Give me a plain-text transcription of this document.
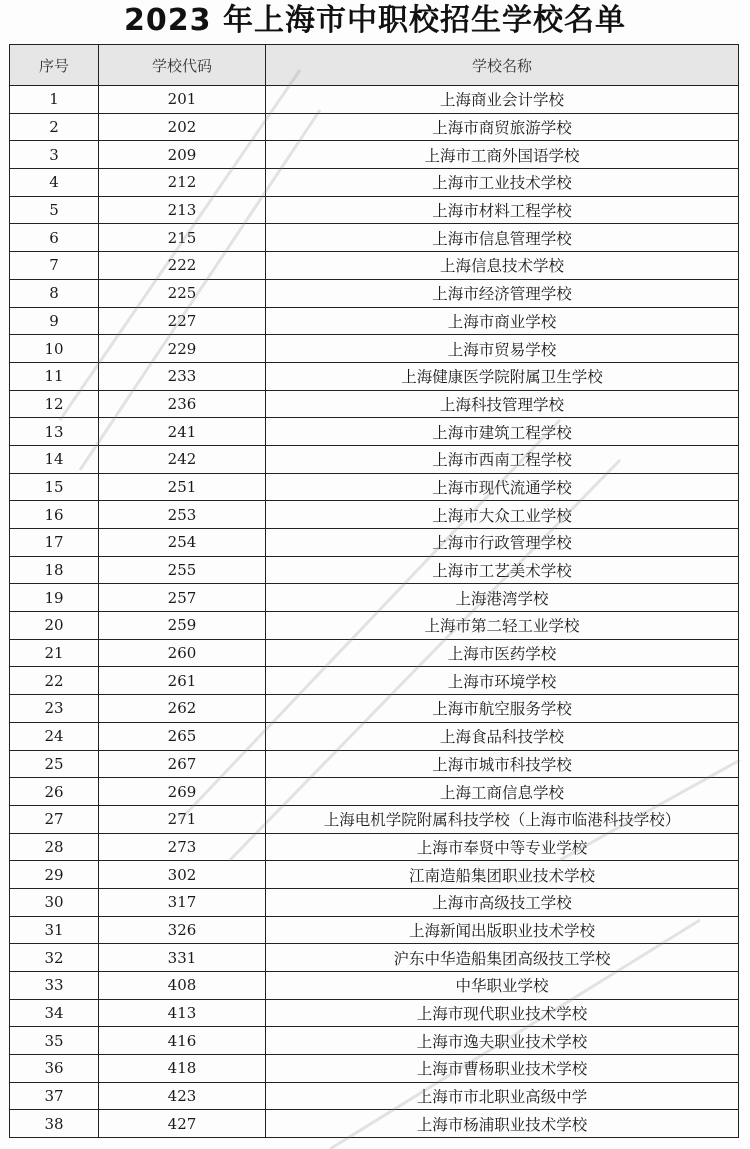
2023 年上海市中职校招生学校名单
序号	学校代码	学校名称
1	201	上海商业会计学校
2	202	上海市商贸旅游学校
3	209	上海市工商外国语学校
4	212	上海市工业技术学校
5	213	上海市材料工程学校
6	215	上海市信息管理学校
7	222	上海信息技术学校
8	225	上海市经济管理学校
9	227	上海市商业学校
10	229	上海市贸易学校
11	233	上海健康医学院附属卫生学校
12	236	上海科技管理学校
13	241	上海市建筑工程学校
14	242	上海市西南工程学校
15	251	上海市现代流通学校
16	253	上海市大众工业学校
17	254	上海市行政管理学校
18	255	上海市工艺美术学校
19	257	上海港湾学校
20	259	上海市第二轻工业学校
21	260	上海市医药学校
22	261	上海市环境学校
23	262	上海市航空服务学校
24	265	上海食品科技学校
25	267	上海市城市科技学校
26	269	上海工商信息学校
27	271	上海电机学院附属科技学校（上海市临港科技学校）
28	273	上海市奉贤中等专业学校
29	302	江南造船集团职业技术学校
30	317	上海市高级技工学校
31	326	上海新闻出版职业技术学校
32	331	沪东中华造船集团高级技工学校
33	408	中华职业学校
34	413	上海市现代职业技术学校
35	416	上海市逸夫职业技术学校
36	418	上海市曹杨职业技术学校
37	423	上海市市北职业高级中学
38	427	上海市杨浦职业技术学校
